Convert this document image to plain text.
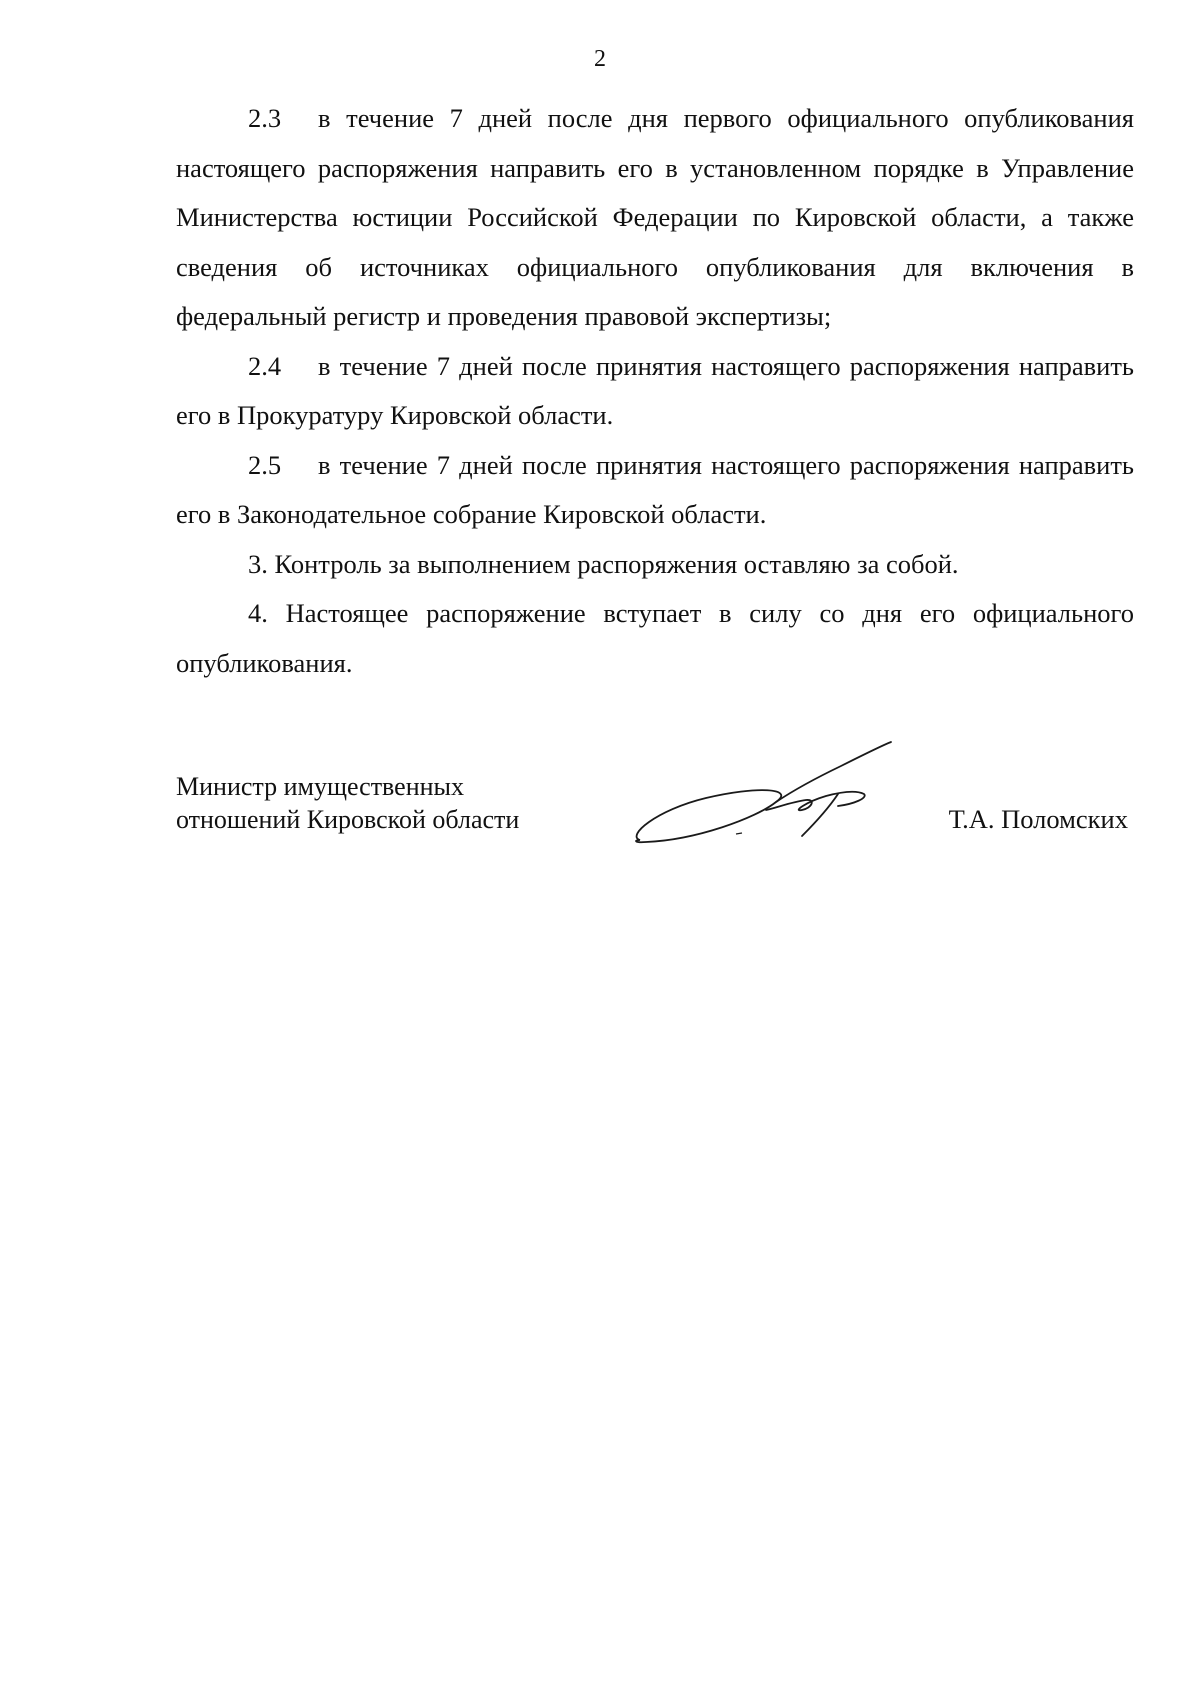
2

2.3 в течение 7 дней после дня первого официального опубликования настоящего распоряжения направить его в установленном порядке в Управление Министерства юстиции Российской Федерации по Кировской области, а также сведения об источниках официального опубликования для включения в федеральный регистр и проведения правовой экспертизы;

2.4 в течение 7 дней после принятия настоящего распоряжения направить его в Прокуратуру Кировской области.

2.5 в течение 7 дней после принятия настоящего распоряжения направить его в Законодательное собрание Кировской области.

3. Контроль за выполнением распоряжения оставляю за собой.

4. Настоящее распоряжение вступает в силу со дня его официального опубликования.

Министр имущественных
отношений Кировской области	Т.А. Поломских
